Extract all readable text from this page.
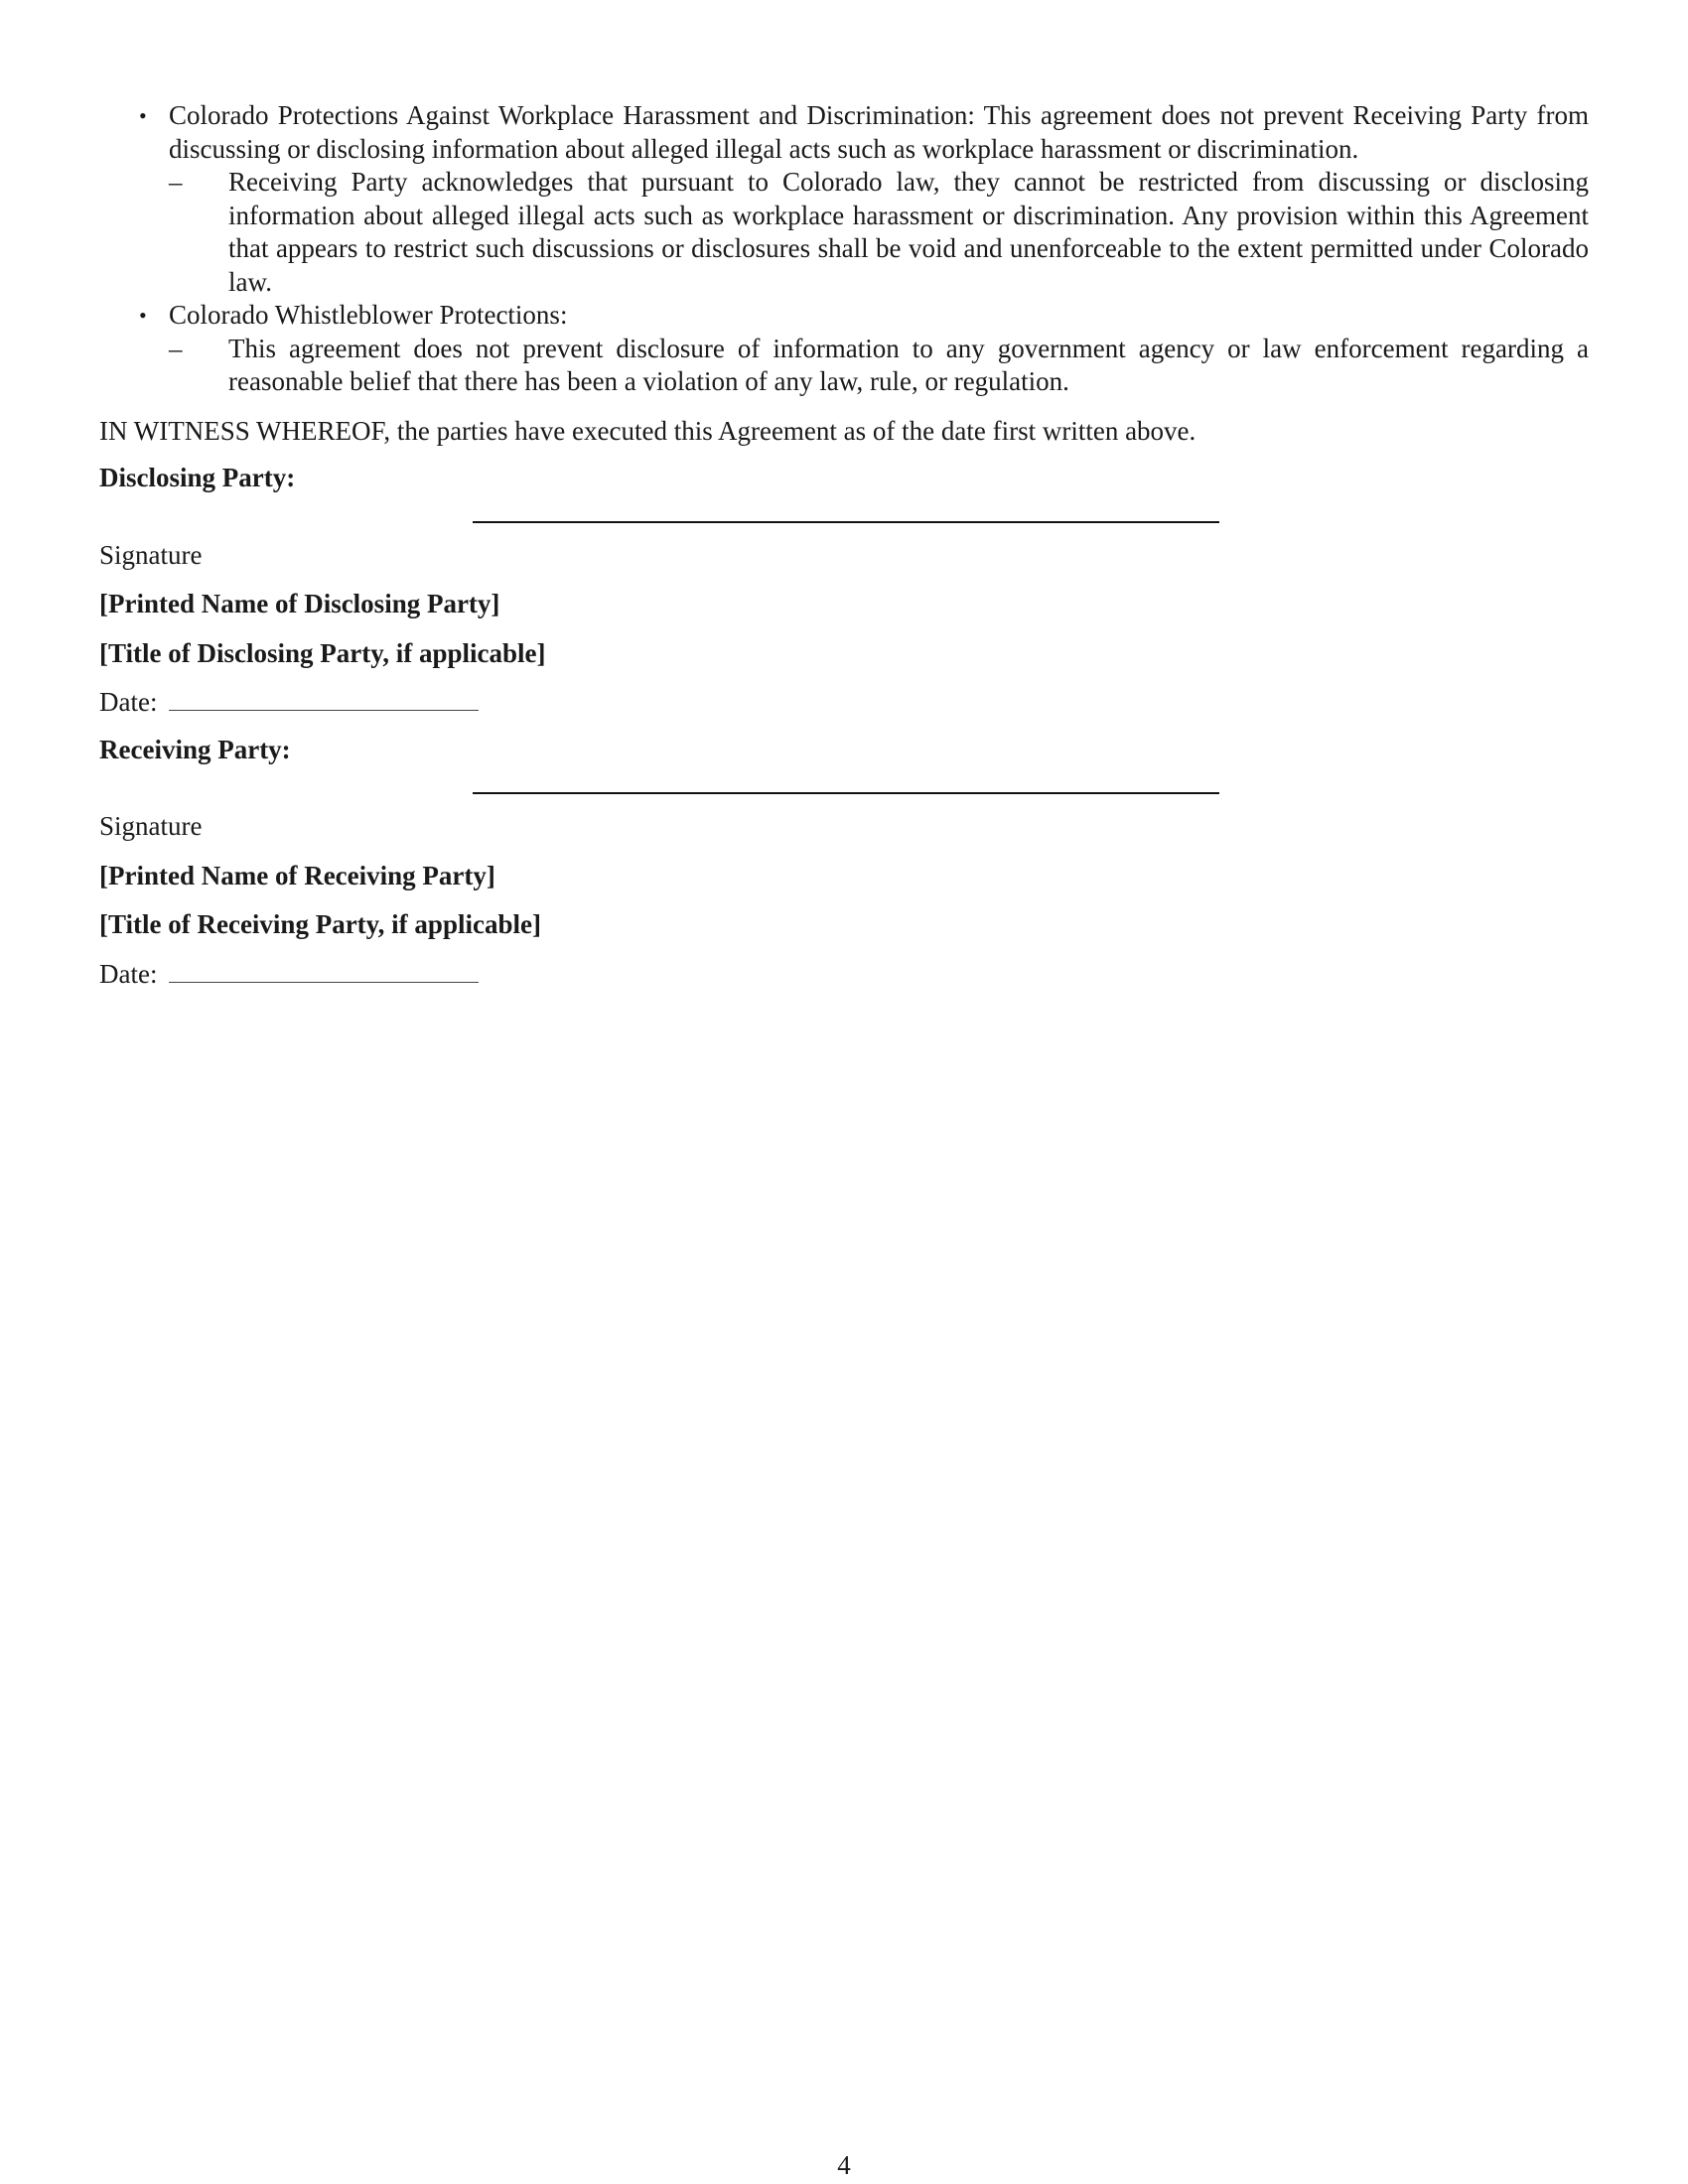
• Colorado Protections Against Workplace Harassment and Discrimination: This agreement does not prevent Receiving Party from discussing or disclosing information about alleged illegal acts such as workplace harassment or discrimination.
– Receiving Party acknowledges that pursuant to Colorado law, they cannot be restricted from discussing or disclosing information about alleged illegal acts such as workplace harassment or discrimination. Any provision within this Agreement that appears to restrict such discussions or disclosures shall be void and unenforceable to the extent permitted under Colorado law.
• Colorado Whistleblower Protections:
– This agreement does not prevent disclosure of information to any government agency or law enforcement regarding a reasonable belief that there has been a violation of any law, rule, or regulation.
IN WITNESS WHEREOF, the parties have executed this Agreement as of the date first written above.
Disclosing Party:
Signature
[Printed Name of Disclosing Party]
[Title of Disclosing Party, if applicable]
Date:
Receiving Party:
Signature
[Printed Name of Receiving Party]
[Title of Receiving Party, if applicable]
Date:
4
